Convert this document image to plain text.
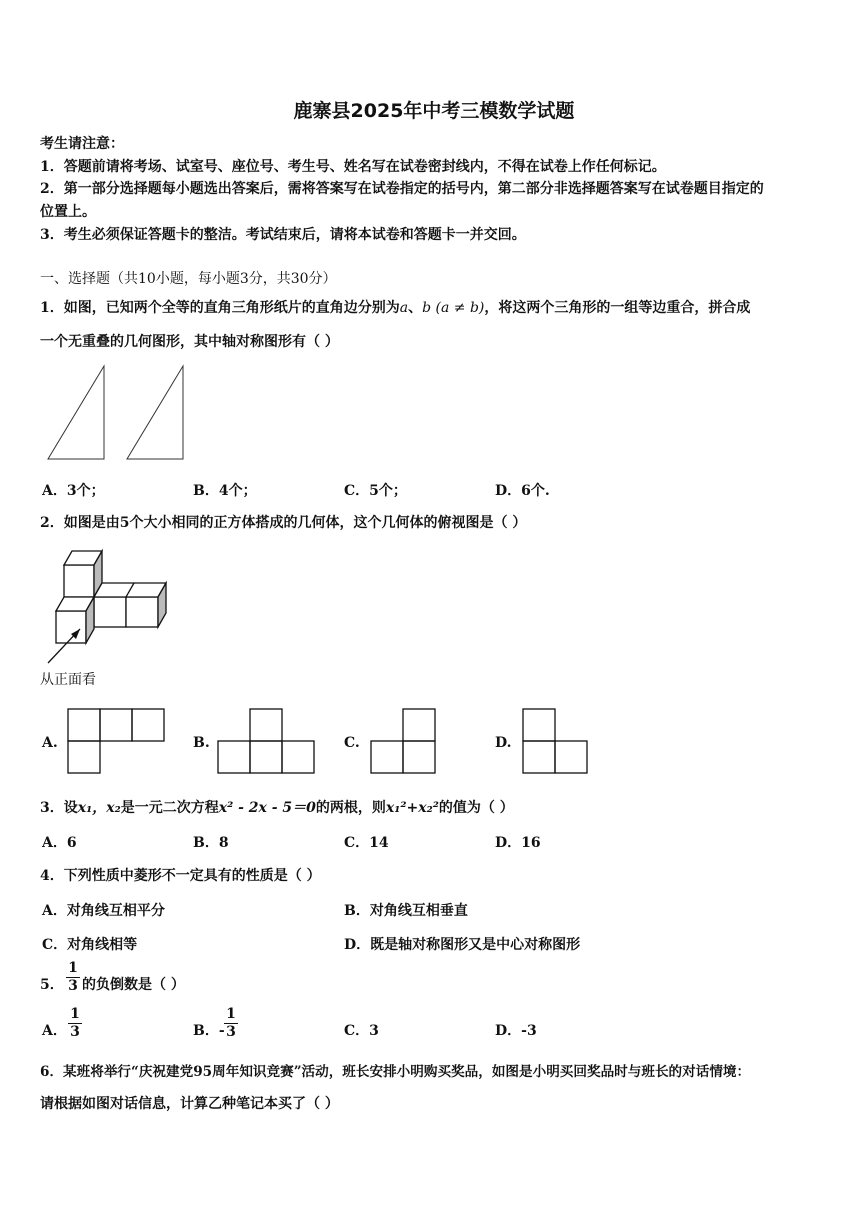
鹿寨县2025年中考三模数学试题
考生请注意：
1．答题前请将考场、试室号、座位号、考生号、姓名写在试卷密封线内，不得在试卷上作任何标记。
2．第一部分选择题每小题选出答案后，需将答案写在试卷指定的括号内，第二部分非选择题答案写在试卷题目指定的
位置上。
3．考生必须保证答题卡的整洁。考试结束后，请将本试卷和答题卡一并交回。
一、选择题（共10小题，每小题3分，共30分）
1．如图，已知两个全等的直角三角形纸片的直角边分别为a、b (a ≠ b)，将这两个三角形的一组等边重合，拼合成
一个无重叠的几何图形，其中轴对称图形有（ ）
A．3个；	B．4个；	C．5个；	D．6个.
2．如图是由5个大小相同的正方体搭成的几何体，这个几何体的俯视图是（ ）
从正面看
A.	B.	C.	D.
3．设x₁，x₂是一元二次方程x² - 2x - 5＝0的两根，则x₁²+x₂²的值为（ ）
A．6	B．8	C．14	D．16
4．下列性质中菱形不一定具有的性质是（ ）
A．对角线互相平分	B．对角线互相垂直
C．对角线相等	D．既是轴对称图形又是中心对称图形
5．
1
3 的负倒数是（ ）
A．
1
3	B．-
1
3	C．3	D．‐3
6．某班将举行“庆祝建党95周年知识竞赛”活动，班长安排小明购买奖品，如图是小明买回奖品时与班长的对话情境：
请根据如图对话信息，计算乙种笔记本买了（ ）
